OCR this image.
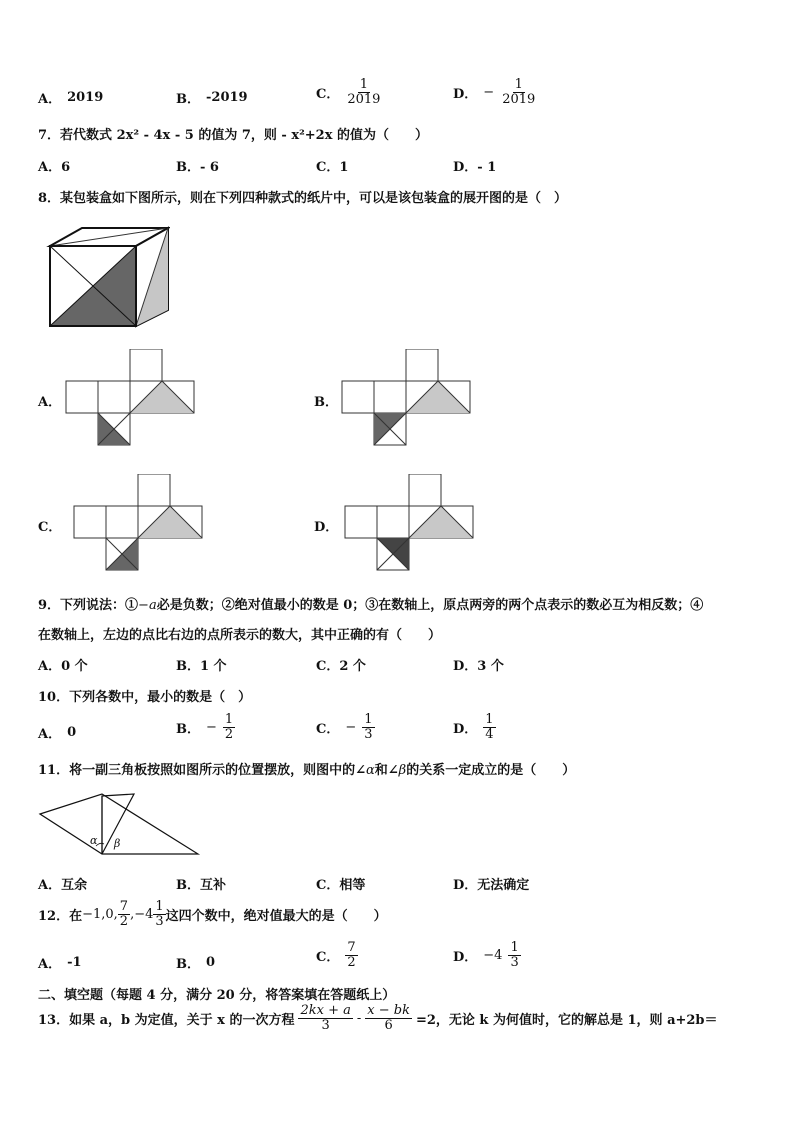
A． 2019	B． -2019	C． $\frac{1}{2019}$	D． − $\frac{1}{2019}$
7．若代数式 2x² - 4x - 5 的值为 7，则 - x²+2x 的值为（　　）
A．6	B．- 6	C．1	D．- 1
8．某包装盒如下图所示，则在下列四种款式的纸片中，可以是该包装盒的展开图的是（　）
A．	B．
C．	D．
9．下列说法：①−a必是负数；②绝对值最小的数是 0；③在数轴上，原点两旁的两个点表示的数必互为相反数；④
在数轴上，左边的点比右边的点所表示的数大，其中正确的有（　　）
A．0 个	B．1 个	C．2 个	D．3 个
10．下列各数中，最小的数是（　）
A． 0	B． − $\frac{1}{2}$	C． − $\frac{1}{3}$	D． $\frac{1}{4}$
11．将一副三角板按照如图所示的位置摆放，则图中的∠α和∠β的关系一定成立的是（　　）
α β
A．互余	B．互补	C．相等	D．无法确定
12．在 −1,0, $\frac{7}{2} ,-4 \frac{1}{3}$ 这四个数中，绝对值最大的是（　　）
A． -1	B． 0	C． $\frac{7}{2}$	D． $-4 \frac{1}{3}$
二、填空题（每题 4 分，满分 20 分，将答案填在答题纸上）
13．如果 a，b 为定值，关于 x 的一次方程 $\frac{2kx + a}{3} - \frac{x - bk}{6} =2$，无论 k 为何值时，它的解总是 1，则 a+2b＝
